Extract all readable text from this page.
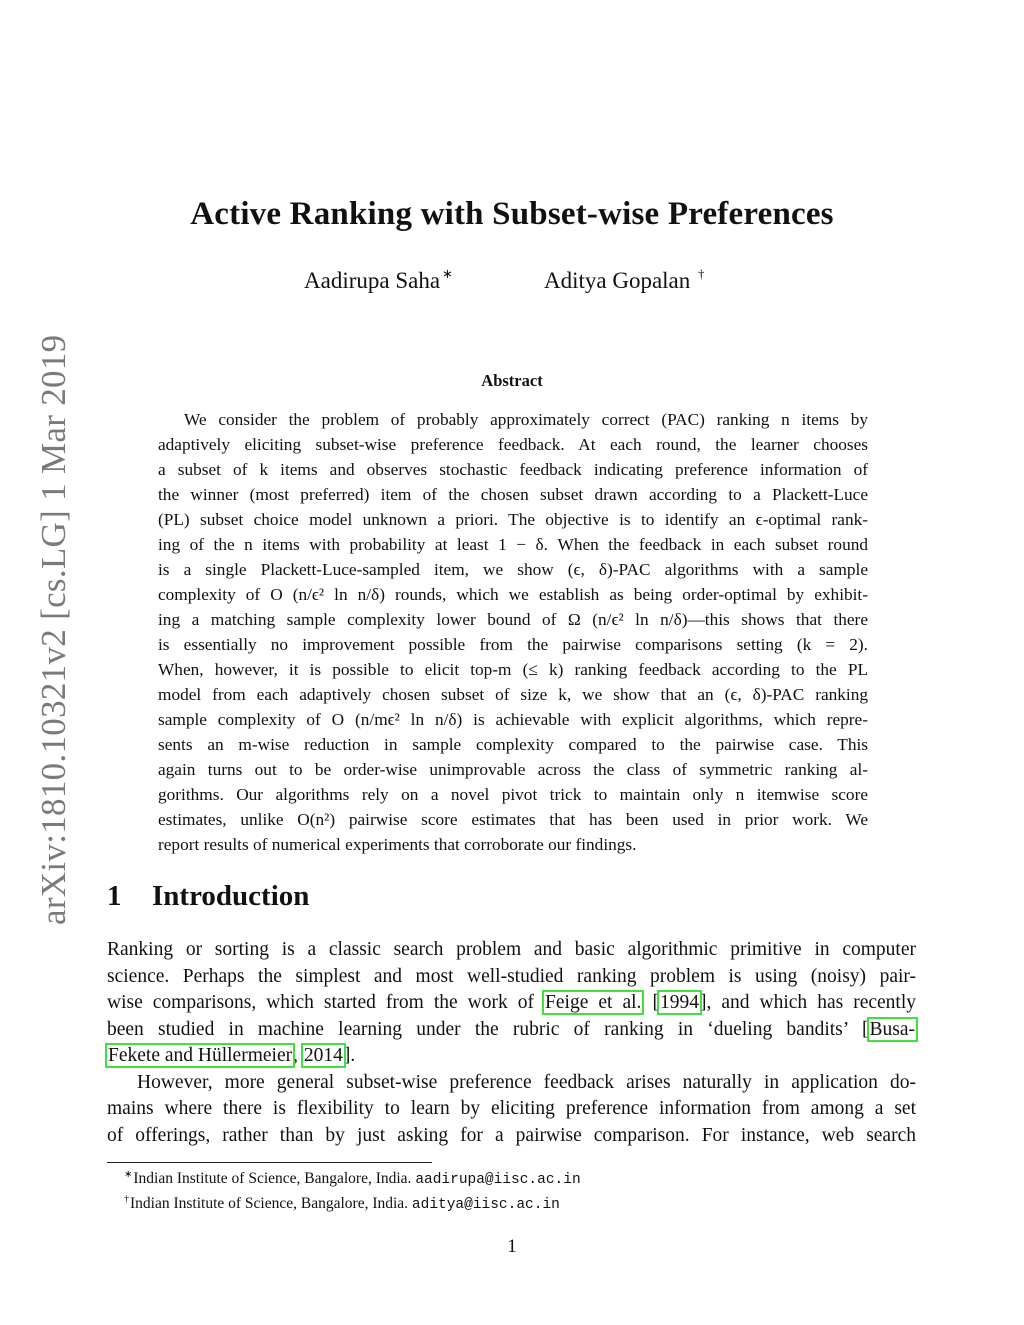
arXiv:1810.10321v2 [cs.LG] 1 Mar 2019
Active Ranking with Subset-wise Preferences
Aadirupa Saha ∗	Aditya Gopalan †
Abstract
We consider the problem of probably approximately correct (PAC) ranking n items by
adaptively eliciting subset-wise preference feedback. At each round, the learner chooses
a subset of k items and observes stochastic feedback indicating preference information of
the winner (most preferred) item of the chosen subset drawn according to a Plackett-Luce
(PL) subset choice model unknown a priori. The objective is to identify an ϵ-optimal rank-
ing of the n items with probability at least 1 − δ. When the feedback in each subset round
is a single Plackett-Luce-sampled item, we show (ϵ, δ)-PAC algorithms with a sample
complexity of O (n/ϵ² ln n/δ) rounds, which we establish as being order-optimal by exhibit-
ing a matching sample complexity lower bound of Ω (n/ϵ² ln n/δ)—this shows that there
is essentially no improvement possible from the pairwise comparisons setting (k = 2).
When, however, it is possible to elicit top-m (≤ k) ranking feedback according to the PL
model from each adaptively chosen subset of size k, we show that an (ϵ, δ)-PAC ranking
sample complexity of O (n/mϵ² ln n/δ) is achievable with explicit algorithms, which repre-
sents an m-wise reduction in sample complexity compared to the pairwise case. This
again turns out to be order-wise unimprovable across the class of symmetric ranking al-
gorithms. Our algorithms rely on a novel pivot trick to maintain only n itemwise score
estimates, unlike O(n²) pairwise score estimates that has been used in prior work. We
report results of numerical experiments that corroborate our findings.
1 Introduction
Ranking or sorting is a classic search problem and basic algorithmic primitive in computer
science. Perhaps the simplest and most well-studied ranking problem is using (noisy) pair-
wise comparisons, which started from the work of Feige et al. [1994], and which has recently
been studied in machine learning under the rubric of ranking in ‘dueling bandits’ [Busa-
Fekete and Hüllermeier, 2014].
However, more general subset-wise preference feedback arises naturally in application do-
mains where there is flexibility to learn by eliciting preference information from among a set
of offerings, rather than by just asking for a pairwise comparison. For instance, web search
∗Indian Institute of Science, Bangalore, India. aadirupa@iisc.ac.in
†Indian Institute of Science, Bangalore, India. aditya@iisc.ac.in
1
